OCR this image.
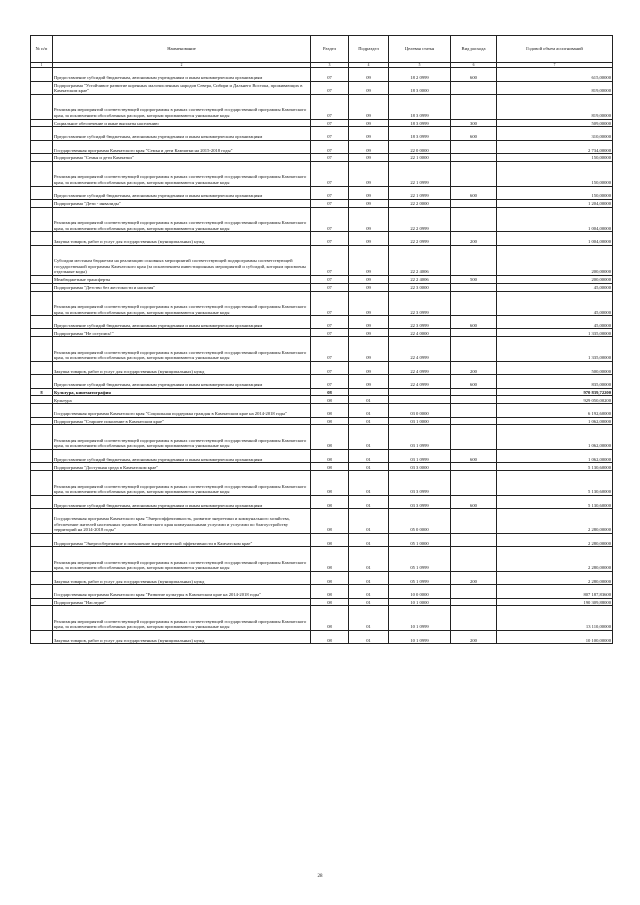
№ п/п	Наименование	Раздел	Подраздел	Целевая статья	Вид расхода	Годовой объем ассигнований
1	2	3	4	5	6	7
	Предоставление субсидий бюджетным, автономным учреждениям и иным некоммерческим организациям	07	09	18 2 0999	600	615,00000
	Подпрограмма "Устойчивое развитие коренных малочисленных народов Севера, Сибири и Дальнего Востока, проживающих в Камчатском крае"	07	09	18 3 0000		819,00000
	Реализация мероприятий соответствующей подпрограммы в рамках соответствующей государственной программы Камчатского края, за исключением обособленных расходов, которым присваиваются уникальные коды	07	09	18 3 0999		819,00000
	Социальное обеспечение и иные выплаты населению	07	09	18 3 0999	300	509,00000
	Предоставление субсидий бюджетным, автономным учреждениям и иным некоммерческим организациям	07	09	18 3 0999	600	310,00000
	Государственная программа Камчатского края "Семья и дети Камчатки на 2015-2018 годы"	07	09	22 0 0000		2 734,00000
	Подпрограмма "Семья и дети Камчатки"	07	09	22 1 0000		150,00000
	Реализация мероприятий соответствующей подпрограммы в рамках соответствующей государственной программы Камчатского края, за исключением обособленных расходов, которым присваиваются уникальные коды	07	09	22 1 0999		150,00000
	Предоставление субсидий бюджетным, автономным учреждениям и иным некоммерческим организациям	07	09	22 1 0999	600	150,00000
	Подпрограмма "Дети - инвалиды"	07	09	22 2 0000		1 204,00000
	Реализация мероприятий соответствующей подпрограммы в рамках соответствующей государственной программы Камчатского края, за исключением обособленных расходов, которым присваиваются уникальные коды	07	09	22 2 0999		1 004,00000
	Закупка товаров, работ и услуг для государственных (муниципальных) нужд	07	09	22 2 0999	200	1 004,00000
	Субсидии местным бюджетам на реализацию основных мероприятий соответствующей подпрограммы соответствующей государственной программы Камчатского края (за исключением инвестиционных мероприятий и субсидий, которым присвоены отдельные коды)	07	09	22 2 4006		200,00000
	Межбюджетные трансферты	07	09	22 2 4006	500	200,00000
	Подпрограмма "Детство без жестокости и насилия"	07	09	22 3 0000		45,00000
	Реализация мероприятий соответствующей подпрограммы в рамках соответствующей государственной программы Камчатского края, за исключением обособленных расходов, которым присваиваются уникальные коды	07	09	22 3 0999		45,00000
	Предоставление субсидий бюджетным, автономным учреждениям и иным некоммерческим организациям	07	09	22 3 0999	600	45,00000
	Подпрограмма "Не оступись!"	07	09	22 4 0000		1 335,00000
	Реализация мероприятий соответствующей подпрограммы в рамках соответствующей государственной программы Камчатского края, за исключением обособленных расходов, которым присваиваются уникальные коды	07	09	22 4 0999		1 335,00000
	Закупка товаров, работ и услуг для государственных (муниципальных) нужд	07	09	22 4 0999	200	500,00000
	Предоставление субсидий бюджетным, автономным учреждениям и иным некоммерческим организациям	07	09	22 4 0999	600	835,00000
8	Культура, кинематография	08				970 839,72200
	Культура	08	01			929 050,00200
	Государственная программа Камчатского края "Социальная поддержка граждан в Камчатском крае на 2014-2018 годы"	08	01	03 0 0000		6 192,60000
	Подпрограмма "Старшее поколение в Камчатском крае"	08	01	03 1 0000		1 062,00000
	Реализация мероприятий соответствующей подпрограммы в рамках соответствующей государственной программы Камчатского края, за исключением обособленных расходов, которым присваиваются уникальные коды	08	01	03 1 0999		1 062,00000
	Предоставление субсидий бюджетным, автономным учреждениям и иным некоммерческим организациям	08	01	03 1 0999	600	1 062,00000
	Подпрограмма "Доступная среда в Камчатском крае"	08	01	03 3 0000		5 130,60000
	Реализация мероприятий соответствующей подпрограммы в рамках соответствующей государственной программы Камчатского края, за исключением обособленных расходов, которым присваиваются уникальные коды	08	01	03 3 0999		5 130,60000
	Предоставление субсидий бюджетным, автономным учреждениям и иным некоммерческим организациям	08	01	03 3 0999	600	5 130,60000
	Государственная программа Камчатского края "Энергоэффективность, развитие энергетики и коммунального хозяйства, обеспечение жителей населенных пунктов Камчатского края коммунальными услугами и услугами по благоустройству территорий на 2014-2018 годы"	08	01	05 0 0000		2 280,00000
	Подпрограмма "Энергосбережение и повышение энергетической эффективности в Камчатском крае"	08	01	05 1 0000		2 280,00000
	Реализация мероприятий соответствующей подпрограммы в рамках соответствующей государственной программы Камчатского края, за исключением обособленных расходов, которым присваиваются уникальные коды	08	01	05 1 0999		2 280,00000
	Закупка товаров, работ и услуг для государственных (муниципальных) нужд	08	01	05 1 0999	200	2 280,00000
	Государственная программа Камчатского края "Развитие культуры в Камчатском крае на 2014-2018 годы"	08	01	10 0 0000		807 187,83600
	Подпрограмма "Наследие"	08	01	10 1 0000		190 309,88000
	Реализация мероприятий соответствующей подпрограммы в рамках соответствующей государственной программы Камчатского края, за исключением обособленных расходов, которым присваиваются уникальные коды	08	01	10 1 0999		13 110,00000
	Закупка товаров, работ и услуг для государственных (муниципальных) нужд	08	01	10 1 0999	200	10 100,00000
28
